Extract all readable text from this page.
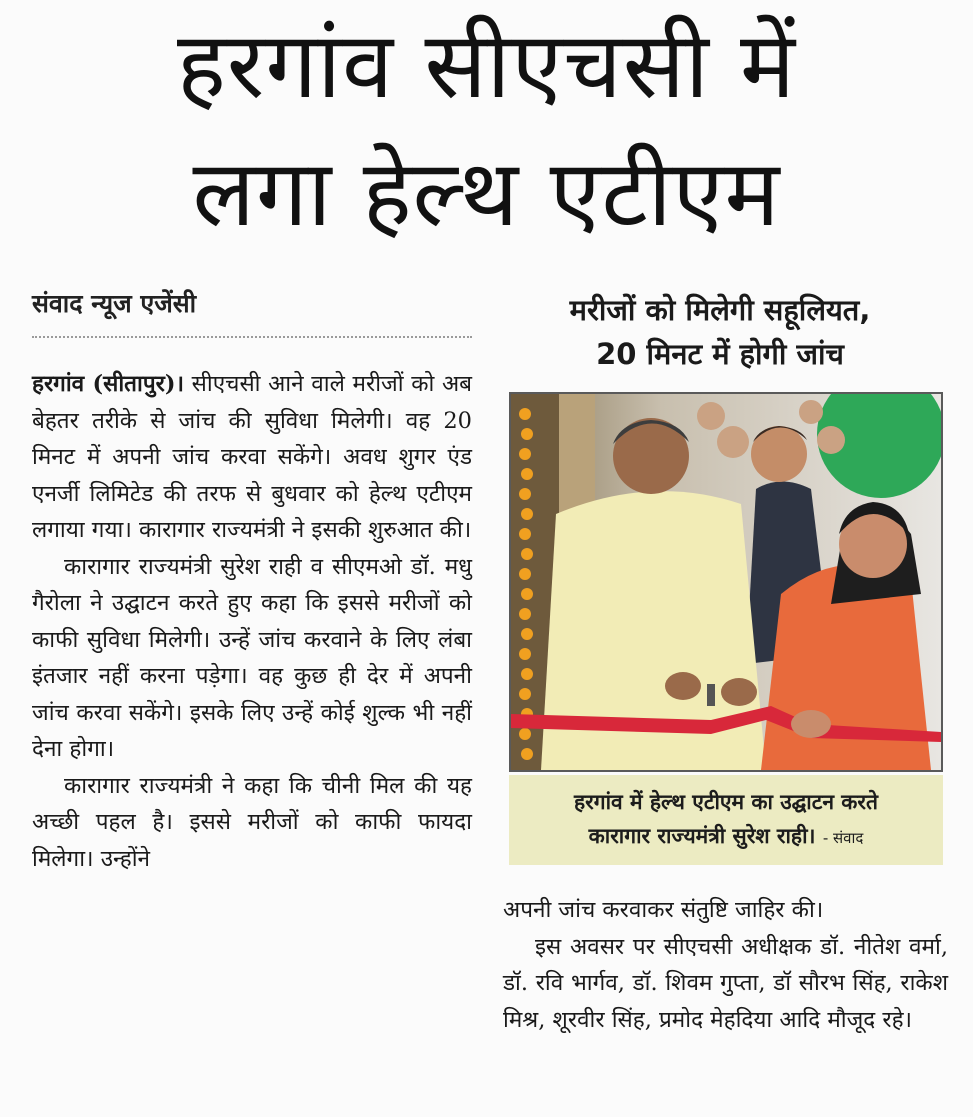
हरगांव सीएचसी में
लगा हेल्थ एटीएम
संवाद न्यूज एजेंसी

हरगांव (सीतापुर)। सीएचसी आने वाले मरीजों को अब बेहतर तरीके से जांच की सुविधा मिलेगी। वह 20 मिनट में अपनी जांच करवा सकेंगे। अवध शुगर एंड एनर्जी लिमिटेड की तरफ से बुधवार को हेल्थ एटीएम लगाया गया। कारागार राज्यमंत्री ने इसकी शुरुआत की।

कारागार राज्यमंत्री सुरेश राही व सीएमओ डॉ. मधु गैरोला ने उद्घाटन करते हुए कहा कि इससे मरीजों को काफी सुविधा मिलेगी। उन्हें जांच करवाने के लिए लंबा इंतजार नहीं करना पड़ेगा। वह कुछ ही देर में अपनी जांच करवा सकेंगे। इसके लिए उन्हें कोई शुल्क भी नहीं देना होगा।

कारागार राज्यमंत्री ने कहा कि चीनी मिल की यह अच्छी पहल है। इससे मरीजों को काफी फायदा मिलेगा। उन्होंने

मरीजों को मिलेगी सहूलियत,
20 मिनट में होगी जांच
हरगांव में हेल्थ एटीएम का उद्घाटन करते
कारागार राज्यमंत्री सुरेश राही। - संवाद

अपनी जांच करवाकर संतुष्टि जाहिर की।

इस अवसर पर सीएचसी अधीक्षक डॉ. नीतेश वर्मा, डॉ. रवि भार्गव, डॉ. शिवम गुप्ता, डॉ सौरभ सिंह, राकेश मिश्र, शूरवीर सिंह, प्रमोद मेहदिया आदि मौजूद रहे।
